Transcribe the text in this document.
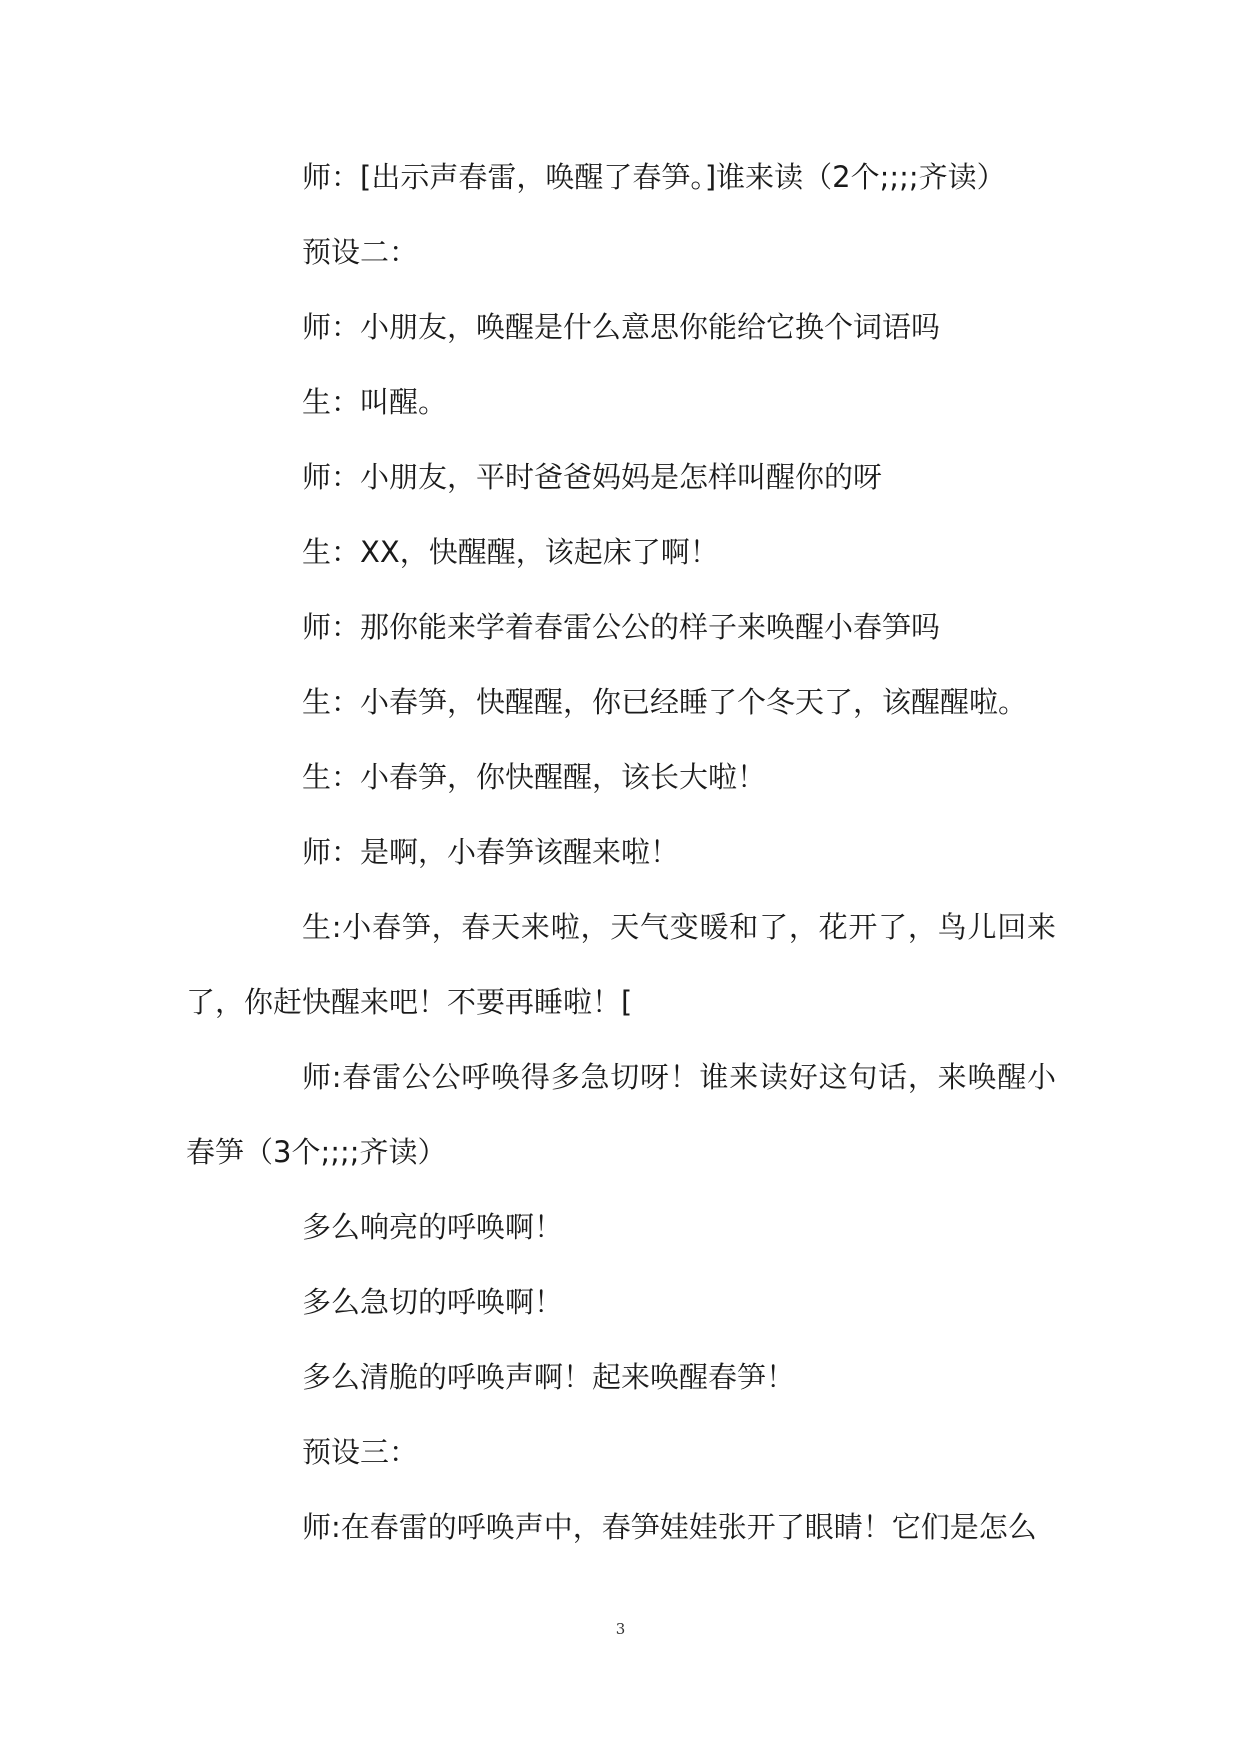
师：[出示声春雷，唤醒了春笋。]谁来读（2个;;;;齐读）

预设二：

师：小朋友，唤醒是什么意思你能给它换个词语吗

生：叫醒。

师：小朋友，平时爸爸妈妈是怎样叫醒你的呀

生：XX，快醒醒，该起床了啊！

师：那你能来学着春雷公公的样子来唤醒小春笋吗

生：小春笋，快醒醒，你已经睡了个冬天了，该醒醒啦。

生：小春笋，你快醒醒，该长大啦！

师：是啊，小春笋该醒来啦！

生:小春笋，春天来啦，天气变暖和了，花开了，鸟儿回来了，你赶快醒来吧！不要再睡啦！[

师:春雷公公呼唤得多急切呀！谁来读好这句话，来唤醒小春笋（3个;;;;齐读）

多么响亮的呼唤啊！

多么急切的呼唤啊！

多么清脆的呼唤声啊！起来唤醒春笋！

预设三：

师:在春雷的呼唤声中，春笋娃娃张开了眼睛！它们是怎么

3
